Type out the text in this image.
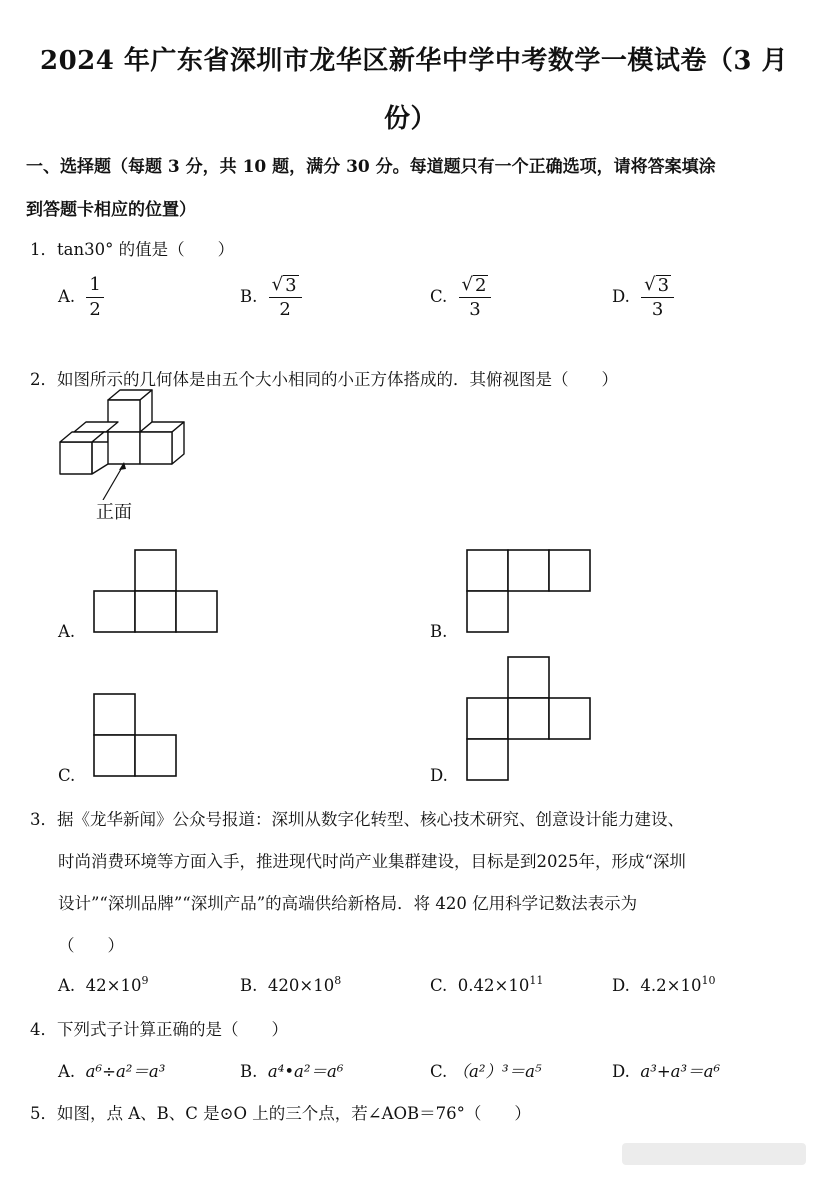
2024 年广东省深圳市龙华区新华中学中考数学一模试卷（3 月
份）
一、选择题（每题 3 分，共 10 题，满分 30 分。每道题只有一个正确选项，请将答案填涂
到答题卡相应的位置）
1．tan30° 的值是（　　）
A. $\frac{1}{2}$	B. $\frac{√ 3}{2}$	C. $\frac{√ 2}{3}$	D. $\frac{√ 3}{3}$
2．如图所示的几何体是由五个大小相同的小正方体搭成的．其俯视图是（　　）
正面
A.	B.
C.	D.
3．据《龙华新闻》公众号报道：深圳从数字化转型、核心技术研究、创意设计能力建设、
时尚消费环境等方面入手，推进现代时尚产业集群建设，目标是到2025年，形成“深圳
设计”“深圳品牌”“深圳产品”的高端供给新格局．将 420 亿用科学记数法表示为
（　　）
A. $42\times 10^9$	B. $420\times 10^8$	C. $0.42\times 10^{11}$	D. $4.2\times 10^{10}$
4．下列式子计算正确的是（　　）
A. a⁶÷a²＝a³	B. a⁴•a²＝a⁶	C. （a²）³＝a⁵	D. a³+a³＝a⁶
5．如图，点 A、B、C 是⊙O 上的三个点，若∠AOB＝76°（　　）
